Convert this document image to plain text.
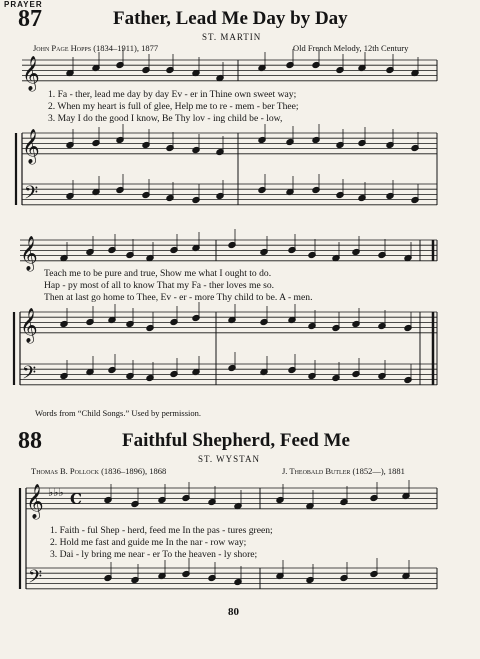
PRAYER
87	Father, Lead Me Day by Day
ST. MARTIN
John Page Hopps (1834–1911), 1877	Old French Melody, 12th Century
1. Fa - ther, lead me day by day Ev - er in Thine own sweet way;
2. When my heart is full of glee, Help me to re - mem - ber Thee;
3. May I do the good I know, Be Thy lov - ing child be - low,
Teach me to be pure and true, Show me what I ought to do.
Hap - py most of all to know That my Fa - ther loves me so.
Then at last go home to Thee, Ev - er - more Thy child to be. A - men.
Words from “Child Songs.” Used by permission.
88	Faithful Shepherd, Feed Me
ST. WYSTAN
Thomas B. Pollock (1836–1896), 1868	J. Theobald Butler (1852—), 1881
1. Faith - ful Shep - herd, feed me In the pas - tures green;
2. Hold me fast and guide me In the nar - row way;
3. Dai - ly bring me near - er To the heaven - ly shore;
80
𝄞
𝄞
𝄢
𝄞
𝄞
𝄢
𝄞
𝄢
♭♭♭ C
